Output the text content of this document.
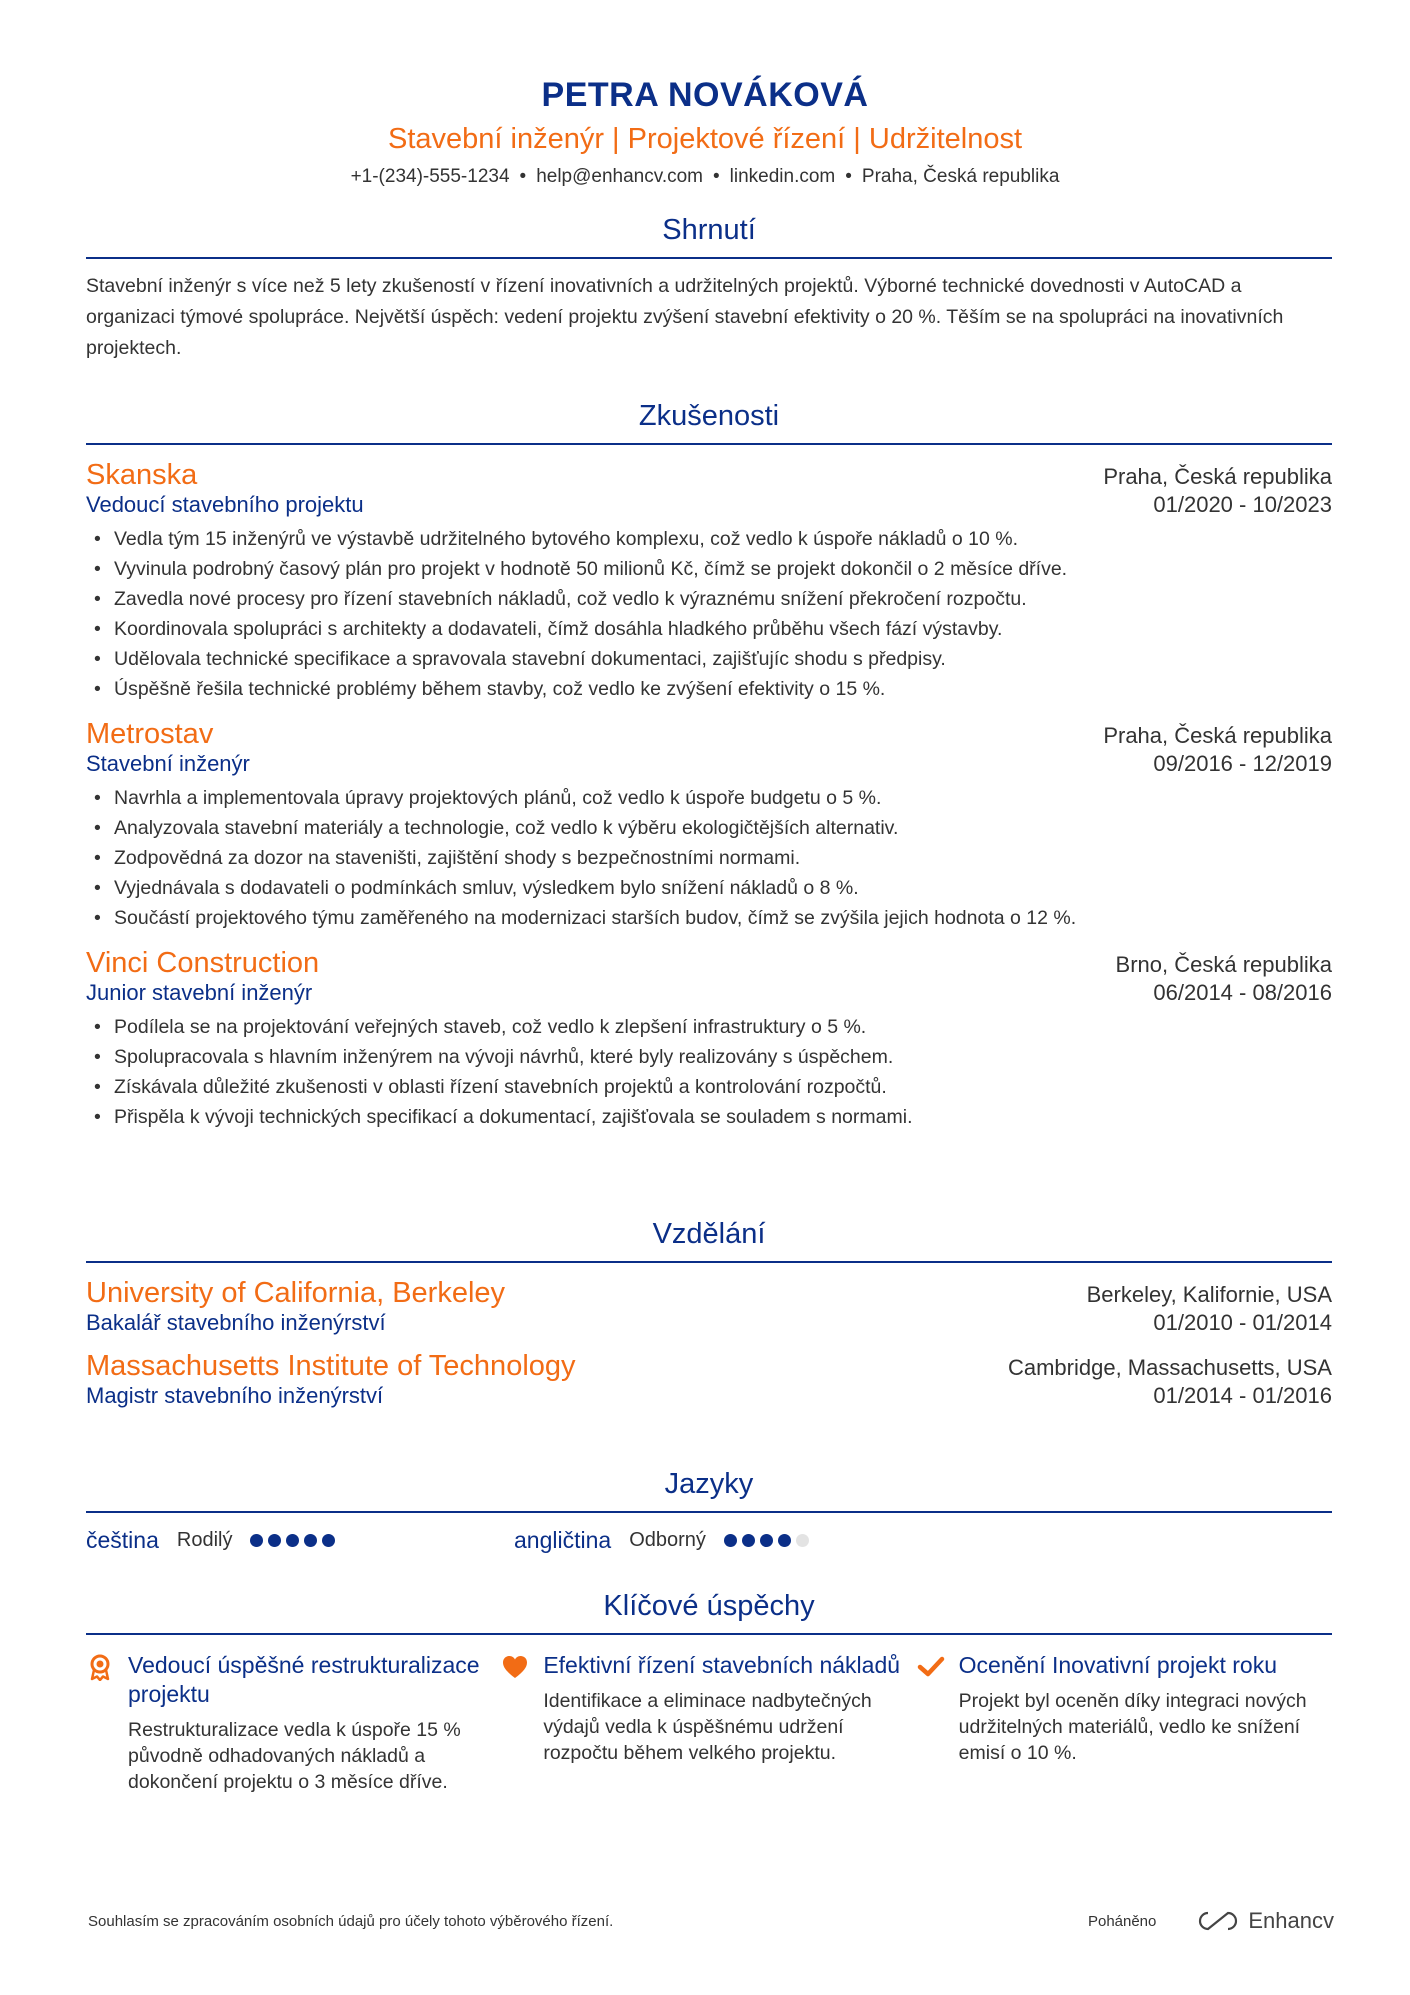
PETRA NOVÁKOVÁ
Stavební inženýr | Projektové řízení | Udržitelnost
+1-(234)-555-1234 • help@enhancv.com • linkedin.com • Praha, Česká republika
Shrnutí
Stavební inženýr s více než 5 lety zkušeností v řízení inovativních a udržitelných projektů. Výborné technické dovednosti v AutoCAD a organizaci týmové spolupráce. Největší úspěch: vedení projektu zvýšení stavební efektivity o 20 %. Těším se na spolupráci na inovativních projektech.
Zkušenosti
Skanska	Praha, Česká republika
Vedoucí stavebního projektu	01/2020 - 10/2023
• Vedla tým 15 inženýrů ve výstavbě udržitelného bytového komplexu, což vedlo k úspoře nákladů o 10 %.
• Vyvinula podrobný časový plán pro projekt v hodnotě 50 milionů Kč, čímž se projekt dokončil o 2 měsíce dříve.
• Zavedla nové procesy pro řízení stavebních nákladů, což vedlo k výraznému snížení překročení rozpočtu.
• Koordinovala spolupráci s architekty a dodavateli, čímž dosáhla hladkého průběhu všech fází výstavby.
• Udělovala technické specifikace a spravovala stavební dokumentaci, zajišťujíc shodu s předpisy.
• Úspěšně řešila technické problémy během stavby, což vedlo ke zvýšení efektivity o 15 %.
Metrostav	Praha, Česká republika
Stavební inženýr	09/2016 - 12/2019
• Navrhla a implementovala úpravy projektových plánů, což vedlo k úspoře budgetu o 5 %.
• Analyzovala stavební materiály a technologie, což vedlo k výběru ekologičtějších alternativ.
• Zodpovědná za dozor na staveništi, zajištění shody s bezpečnostními normami.
• Vyjednávala s dodavateli o podmínkách smluv, výsledkem bylo snížení nákladů o 8 %.
• Součástí projektového týmu zaměřeného na modernizaci starších budov, čímž se zvýšila jejich hodnota o 12 %.
Vinci Construction	Brno, Česká republika
Junior stavební inženýr	06/2014 - 08/2016
• Podílela se na projektování veřejných staveb, což vedlo k zlepšení infrastruktury o 5 %.
• Spolupracovala s hlavním inženýrem na vývoji návrhů, které byly realizovány s úspěchem.
• Získávala důležité zkušenosti v oblasti řízení stavebních projektů a kontrolování rozpočtů.
• Přispěla k vývoji technických specifikací a dokumentací, zajišťovala se souladem s normami.
Vzdělání
University of California, Berkeley	Berkeley, Kalifornie, USA
Bakalář stavebního inženýrství	01/2010 - 01/2014
Massachusetts Institute of Technology	Cambridge, Massachusetts, USA
Magistr stavebního inženýrství	01/2014 - 01/2016
Jazyky
čeština Rodilý	angličtina Odborný
Klíčové úspěchy
Vedoucí úspěšné restrukturalizace projektu
Restrukturalizace vedla k úspoře 15 % původně odhadovaných nákladů a dokončení projektu o 3 měsíce dříve.
Efektivní řízení stavebních nákladů
Identifikace a eliminace nadbytečných výdajů vedla k úspěšnému udržení rozpočtu během velkého projektu.
Ocenění Inovativní projekt roku
Projekt byl oceněn díky integraci nových udržitelných materiálů, vedlo ke snížení emisí o 10 %.
Souhlasím se zpracováním osobních údajů pro účely tohoto výběrového řízení.	Poháněno	Enhancv
